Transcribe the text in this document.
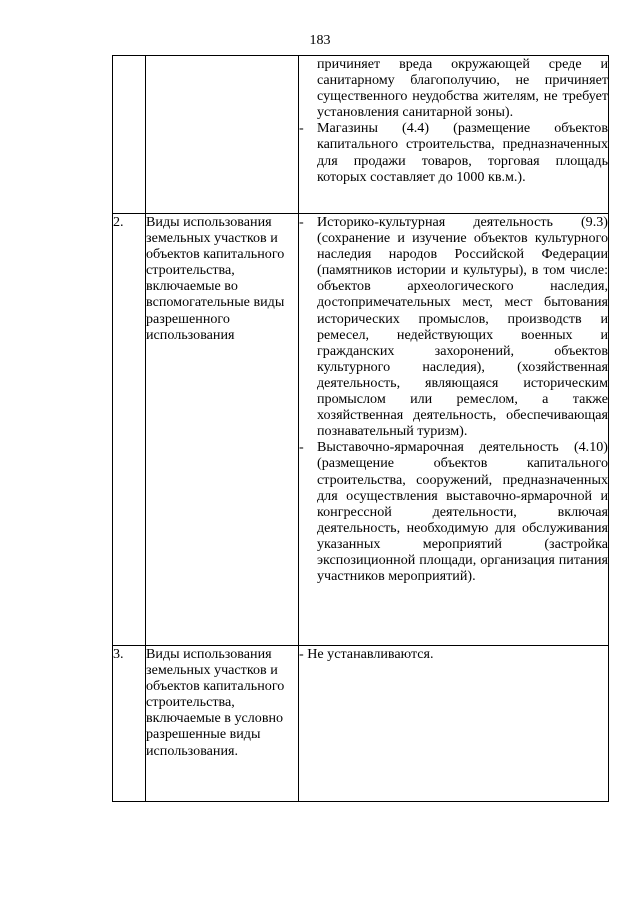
183

		причиняет вреда окружающей среде и санитарному благополучию, не причиняет существенного неудобства жителям, не требует установления санитарной зоны).
- Магазины (4.4) (размещение объектов капитального строительства, предназначенных для продажи товаров, торговая площадь которых составляет до 1000 кв.м.).

2.	Виды использования земельных участков и объектов капитального строительства, включаемые во вспомогательные виды разрешенного использования	- Историко-культурная деятельность (9.3) (сохранение и изучение объектов культурного наследия народов Российской Федерации (памятников истории и культуры), в том числе: объектов археологического наследия, достопримечательных мест, мест бытования исторических промыслов, производств и ремесел, недействующих военных и гражданских захоронений, объектов культурного наследия), (хозяйственная деятельность, являющаяся историческим промыслом или ремеслом, а также хозяйственная деятельность, обеспечивающая познавательный туризм).
- Выставочно-ярмарочная деятельность (4.10) (размещение объектов капитального строительства, сооружений, предназначенных для осуществления выставочно-ярмарочной и конгрессной деятельности, включая деятельность, необходимую для обслуживания указанных мероприятий (застройка экспозиционной площади, организация питания участников мероприятий).

3.	Виды использования земельных участков и объектов капитального строительства, включаемые в условно разрешенные виды использования.	- Не устанавливаются.
